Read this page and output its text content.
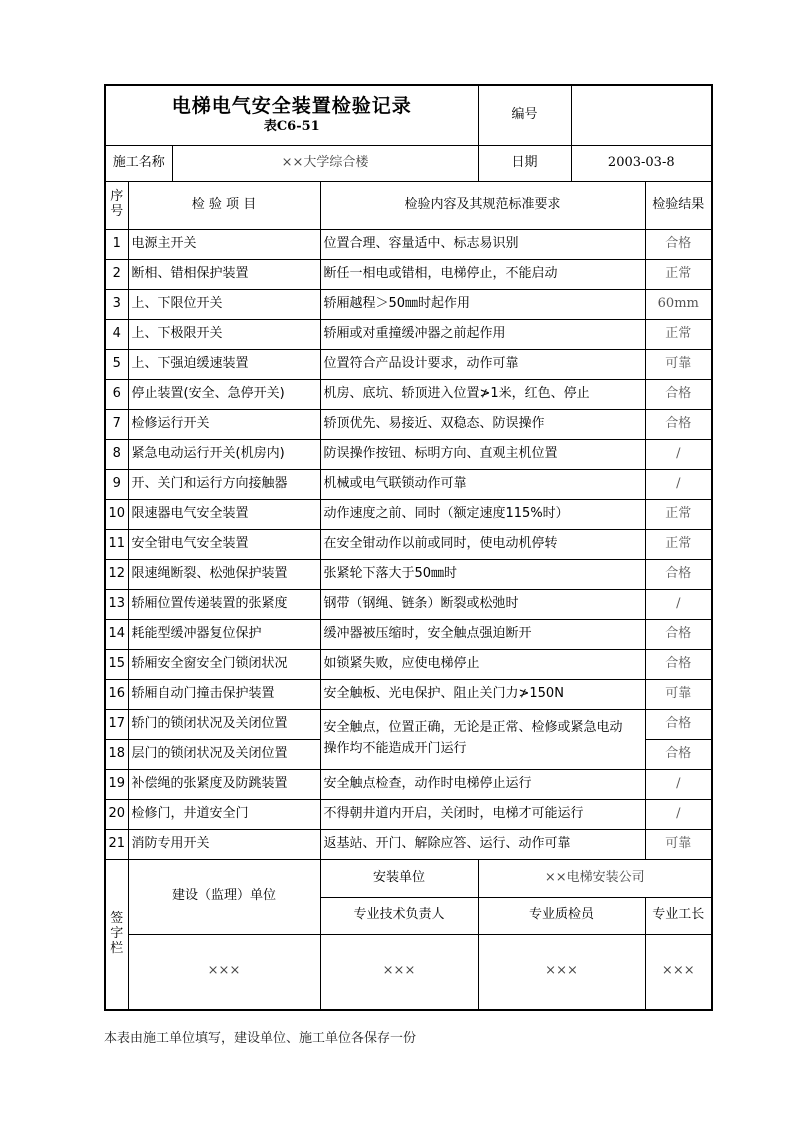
电梯电气安全装置检验记录
表C6-51				编号		
施工名称		××大学综合楼		日期	2003-03-8	
序号	检 验 项 目		检验内容及其规范标准要求			检验结果
1	电源主开关		位置合理、容量适中、标志易识别			合格
2	断相、错相保护装置		断任一相电或错相，电梯停止，不能启动			正常
3	上、下限位开关		轿厢越程＞50㎜时起作用			60mm
4	上、下极限开关		轿厢或对重撞缓冲器之前起作用			正常
5	上、下强迫缓速装置		位置符合产品设计要求，动作可靠			可靠
6	停止装置(安全、急停开关)		机房、底坑、轿顶进入位置≯1米，红色、停止			合格
7	检修运行开关		轿顶优先、易接近、双稳态、防误操作			合格
8	紧急电动运行开关(机房内)		防误操作按钮、标明方向、直观主机位置			/
9	开、关门和运行方向接触器		机械或电气联锁动作可靠			/
10	限速器电气安全装置		动作速度之前、同时（额定速度115%时）			正常
11	安全钳电气安全装置		在安全钳动作以前或同时，使电动机停转			正常
12	限速绳断裂、松弛保护装置		张紧轮下落大于50㎜时			合格
13	轿厢位置传递装置的张紧度		钢带（钢绳、链条）断裂或松弛时			/
14	耗能型缓冲器复位保护		缓冲器被压缩时，安全触点强迫断开			合格
15	轿厢安全窗安全门锁闭状况		如锁紧失败，应使电梯停止			合格
16	轿厢自动门撞击保护装置		安全触板、光电保护、阻止关门力≯150N			可靠
17	轿门的锁闭状况及关闭位置		安全触点，位置正确，无论是正常、检修或紧急电动操作均不能造成开门运行			合格
18	层门的锁闭状况及关闭位置					合格
19	补偿绳的张紧度及防跳装置		安全触点检查，动作时电梯停止运行			/
20	检修门，井道安全门		不得朝井道内开启，关闭时，电梯才可能运行			/
21	消防专用开关		返基站、开门、解除应答、运行、动作可靠			可靠
签字栏	建设（监理）单位		安装单位	××电梯安装公司		
			专业技术负责人	专业质检员		专业工长
	×××		×××	×××		×××
本表由施工单位填写，建设单位、施工单位各保存一份
